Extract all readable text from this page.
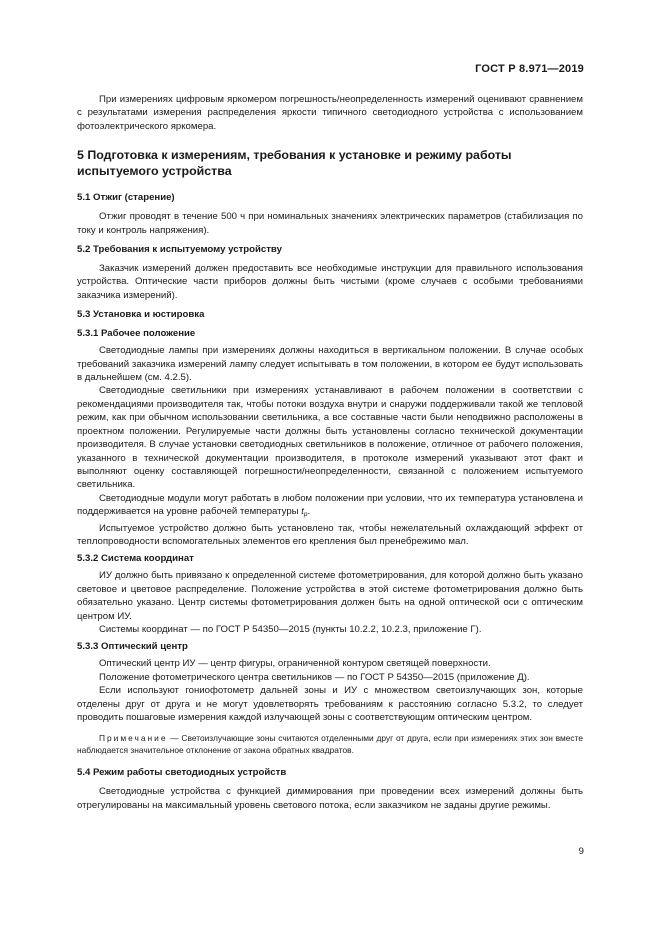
ГОСТ Р 8.971—2019

При измерениях цифровым яркомером погрешность/неопределенность измерений оценивают сравнением с результатами измерения распределения яркости типичного светодиодного устройства с использованием фотоэлектрического яркомера.

5 Подготовка к измерениям, требования к установке и режиму работы испытуемого устройства
5.1 Отжиг (старение)

Отжиг проводят в течение 500 ч при номинальных значениях электрических параметров (стабилизация по току и контроль напряжения).

5.2 Требования к испытуемому устройству

Заказчик измерений должен предоставить все необходимые инструкции для правильного использования устройства. Оптические части приборов должны быть чистыми (кроме случаев с особыми требованиями заказчика измерений).

5.3 Установка и юстировка
5.3.1 Рабочее положение

Светодиодные лампы при измерениях должны находиться в вертикальном положении. В случае особых требований заказчика измерений лампу следует испытывать в том положении, в котором ее будут использовать в дальнейшем (см. 4.2.5).

Светодиодные светильники при измерениях устанавливают в рабочем положении в соответствии с рекомендациями производителя так, чтобы потоки воздуха внутри и снаружи поддерживали такой же тепловой режим, как при обычном использовании светильника, а все составные части были неподвижно расположены в проектном положении. Регулируемые части должны быть установлены согласно технической документации производителя. В случае установки светодиодных светильников в положение, отличное от рабочего положения, указанного в технической документации производителя, в протоколе измерений указывают этот факт и выполняют оценку составляющей погрешности/неопределенности, связанной с положением испытуемого светильника.

Светодиодные модули могут работать в любом положении при условии, что их температура установлена и поддерживается на уровне рабочей температуры $t_p$.

Испытуемое устройство должно быть установлено так, чтобы нежелательный охлаждающий эффект от теплопроводности вспомогательных элементов его крепления был пренебрежимо мал.

5.3.2 Система координат

ИУ должно быть привязано к определенной системе фотометрирования, для которой должно быть указано световое и цветовое распределение. Положение устройства в этой системе фотометрирования должно быть обязательно указано. Центр системы фотометрирования должен быть на одной оптической оси с оптическим центром ИУ.

Системы координат — по ГОСТ Р 54350—2015 (пункты 10.2.2, 10.2.3, приложение Г).

5.3.3 Оптический центр

Оптический центр ИУ — центр фигуры, ограниченной контуром светящей поверхности.

Положение фотометрического центра светильников — по ГОСТ Р 54350—2015 (приложение Д).

Если используют гониофотометр дальней зоны и ИУ с множеством светоизлучающих зон, которые отделены друг от друга и не могут удовлетворять требованиям к расстоянию согласно 5.3.2, то следует проводить пошаговые измерения каждой излучающей зоны с соответствующим оптическим центром.

Примечание — Светоизлучающие зоны считаются отделенными друг от друга, если при измерениях этих зон вместе наблюдается значительное отклонение от закона обратных квадратов.
5.4 Режим работы светодиодных устройств

Светодиодные устройства с функцией диммирования при проведении всех измерений должны быть отрегулированы на максимальный уровень светового потока, если заказчиком не заданы другие режимы.

9
